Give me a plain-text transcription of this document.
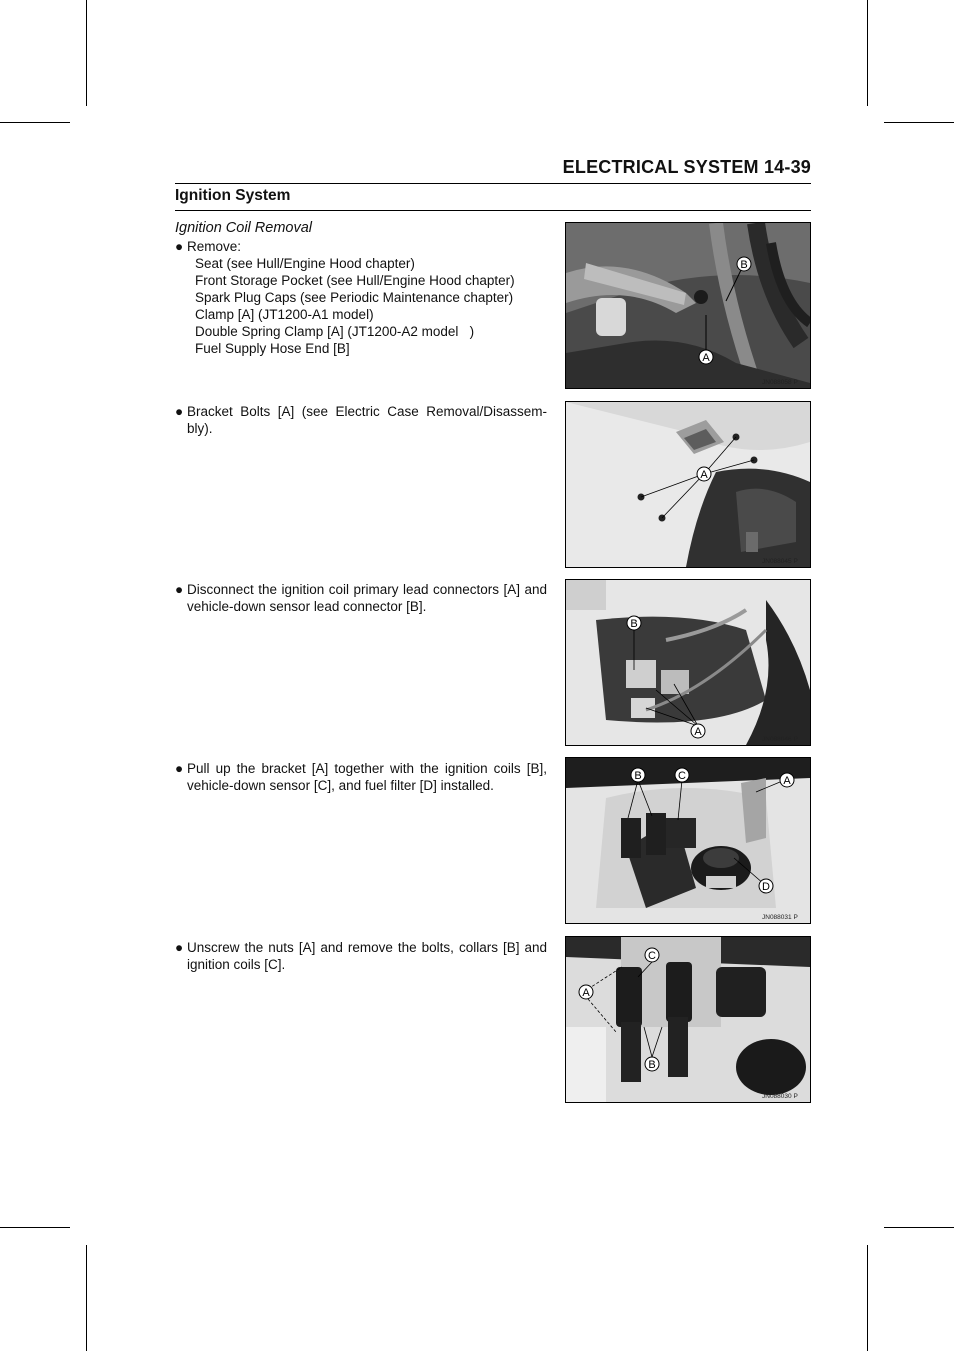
ELECTRICAL SYSTEM 14-39
Ignition System
Ignition Coil Removal
● Remove:
Seat (see Hull/Engine Hood chapter)
Front Storage Pocket (see Hull/Engine Hood chapter)
Spark Plug Caps (see Periodic Maintenance chapter)
Clamp [A] (JT1200-A1 model)
Double Spring Clamp [A] (JT1200-A2 model   )
Fuel Supply Hose End [B]
B
A
JN088058 P
● Bracket Bolts [A] (see Electric Case Removal/Disassem-bly).
A
JN088045 P
● Disconnect the ignition coil primary lead connectors [A] and vehicle-down sensor lead connector [B].
B
A
JN088046 P
● Pull up the bracket [A] together with the ignition coils [B], vehicle-down sensor [C], and fuel filter [D] installed.
B	C	A
D
JN088031 P
● Unscrew the nuts [A] and remove the bolts, collars [B] and ignition coils [C].
C
A
B
JN088030 P
